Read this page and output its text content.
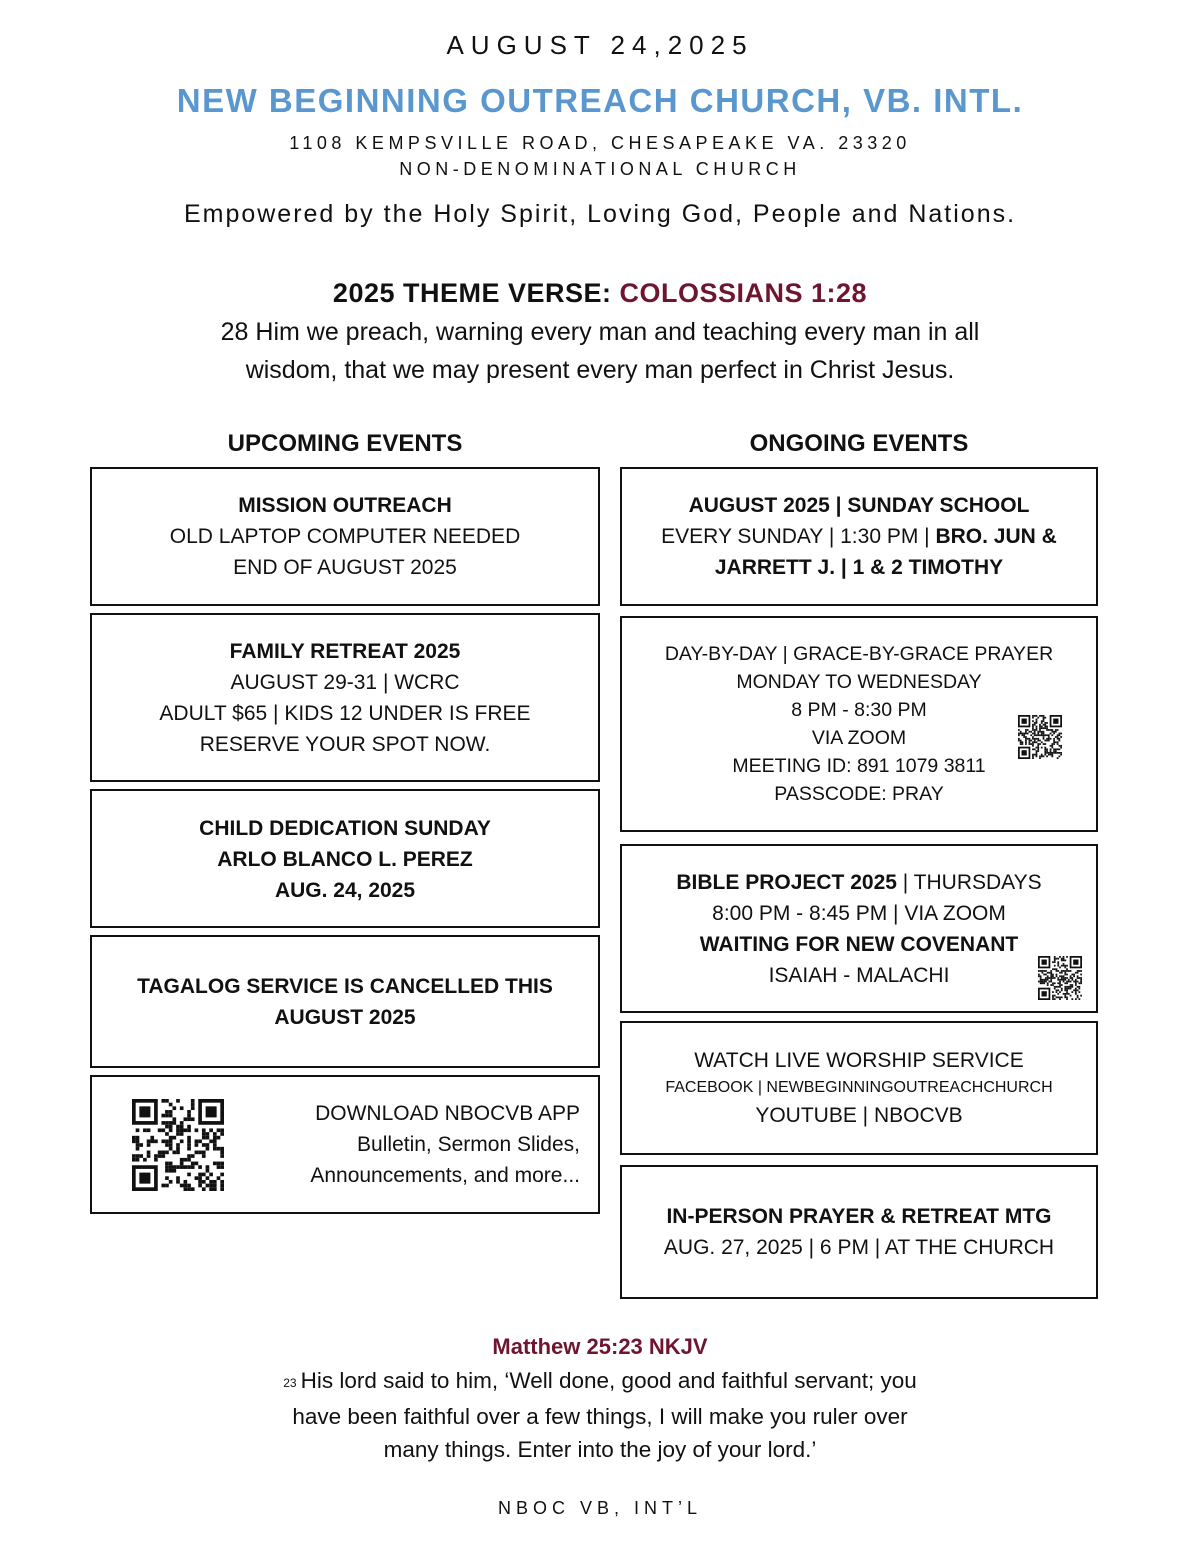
AUGUST 24,2025
NEW BEGINNING OUTREACH CHURCH, VB. INTL.
1108 KEMPSVILLE ROAD, CHESAPEAKE VA. 23320
NON-DENOMINATIONAL CHURCH
Empowered by the Holy Spirit, Loving God, People and Nations.
2025 THEME VERSE: COLOSSIANS 1:28
28 Him we preach, warning every man and teaching every man in all
wisdom, that we may present every man perfect in Christ Jesus.
UPCOMING EVENTS	ONGOING EVENTS
MISSION OUTREACH
OLD LAPTOP COMPUTER NEEDED
END OF AUGUST 2025
FAMILY RETREAT 2025
AUGUST 29-31 | WCRC
ADULT $65 | KIDS 12 UNDER IS FREE
RESERVE YOUR SPOT NOW.
CHILD DEDICATION SUNDAY
ARLO BLANCO L. PEREZ
AUG. 24, 2025
TAGALOG SERVICE IS CANCELLED THIS
AUGUST 2025
DOWNLOAD NBOCVB APP
Bulletin, Sermon Slides,
Announcements, and more...
AUGUST 2025 | SUNDAY SCHOOL
EVERY SUNDAY | 1:30 PM | BRO. JUN &
JARRETT J. | 1 & 2 TIMOTHY
DAY-BY-DAY | GRACE-BY-GRACE PRAYER
MONDAY TO WEDNESDAY
8 PM - 8:30 PM
VIA ZOOM
MEETING ID: 891 1079 3811
PASSCODE: PRAY
BIBLE PROJECT 2025 | THURSDAYS
8:00 PM - 8:45 PM | VIA ZOOM
WAITING FOR NEW COVENANT
ISAIAH - MALACHI
WATCH LIVE WORSHIP SERVICE
FACEBOOK | NEWBEGINNINGOUTREACHCHURCH
YOUTUBE | NBOCVB
IN-PERSON PRAYER & RETREAT MTG
AUG. 27, 2025 | 6 PM | AT THE CHURCH
Matthew 25:23 NKJV
23 His lord said to him, ‘Well done, good and faithful servant; you
have been faithful over a few things, I will make you ruler over
many things. Enter into the joy of your lord.’
NBOC VB, INT’L
